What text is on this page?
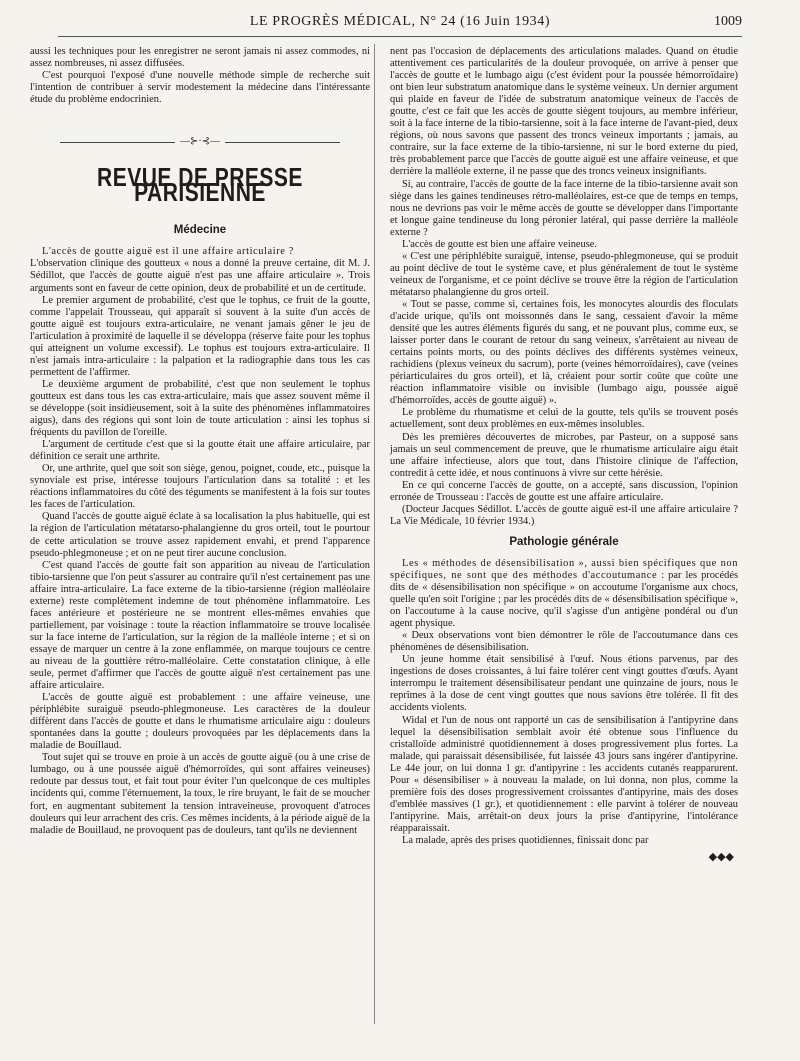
LE PROGRÈS MÉDICAL, N° 24 (16 Juin 1934)	1009

aussi les techniques pour les enregistrer ne seront jamais ni assez commodes, ni assez nombreuses, ni assez diffusées.

C'est pourquoi l'exposé d'une nouvelle méthode simple de recherche suit l'intention de contribuer à servir modestement la médecine dans l'intéressante étude du problème endocrinien.

—⊱·⊰—
REVUE DE PRESSE PARISIENNE
Médecine

L'accès de goutte aiguë est il une affaire articulaire ?

L'observation clinique des goutteux « nous a donné la preuve certaine, dit M. J. Sédillot, que l'accès de goutte aiguë n'est pas une affaire articulaire ». Trois arguments sont en faveur de cette opinion, deux de probabilité et un de certitude.

Le premier argument de probabilité, c'est que le tophus, ce fruit de la goutte, comme l'appelait Trousseau, qui apparaît si souvent à la suite d'un accès de goutte aiguë est toujours extra-articulaire, ne venant jamais gêner le jeu de l'articulation à proximité de laquelle il se développa (réserve faite pour les tophus qui atteignent un volume excessif). Le tophus est toujours extra-articulaire. Il n'est jamais intra-articulaire : la palpation et la radiographie dans tous les cas permettent de l'affirmer.

Le deuxième argument de probabilité, c'est que non seulement le tophus goutteux est dans tous les cas extra-articulaire, mais que assez souvent même il se développe (soit insidieusement, soit à la suite des phénomènes inflammatoires aigus), dans des régions qui sont loin de toute articulation : ainsi les tophus si fréquents du pavillon de l'oreille.

L'argument de certitude c'est que si la goutte était une affaire articulaire, par définition ce serait une arthrite.

Or, une arthrite, quel que soit son siège, genou, poignet, coude, etc., puisque la synoviale est prise, intéresse toujours l'articulation dans sa totalité : et les réactions inflammatoires du côté des téguments se manifestent à la fois sur toutes les faces de l'articulation.

Quand l'accès de goutte aiguë éclate à sa localisation la plus habituelle, qui est la région de l'articulation métatarso-phalangienne du gros orteil, tout le pourtour de cette articulation se trouve assez rapidement envahi, et prend l'apparence pseudo-phlegmoneuse ; et on ne peut tirer aucune conclusion.

C'est quand l'accès de goutte fait son apparition au niveau de l'articulation tibio-tarsienne que l'on peut s'assurer au contraire qu'il n'est certainement pas une affaire intra-articulaire. La face externe de la tibio-tarsienne (région malléolaire externe) reste complètement indemne de tout phénomène inflammatoire. Les faces antérieure et postérieure ne se montrent elles-mêmes envahies que partiellement, par voisinage : toute la réaction inflammatoire se trouve localisée sur la face interne de l'articulation, sur la région de la malléole interne ; et si on essaye de marquer un centre à la zone enflammée, on marque toujours ce centre au niveau de la gouttière rétro-malléolaire. Cette constatation clinique, à elle seule, permet d'affirmer que l'accès de goutte aiguë n'est certainement pas une affaire articulaire.

L'accès de goutte aiguë est probablement : une affaire veineuse, une périphlébite suraiguë pseudo-phlegmoneuse. Les caractères de la douleur diffèrent dans l'accès de goutte et dans le rhumatisme articulaire aigu : douleurs spontanées dans la goutte ; douleurs provoquées par les déplacements dans la maladie de Bouillaud.

Tout sujet qui se trouve en proie à un accès de goutte aiguë (ou à une crise de lumbago, ou à une poussée aiguë d'hémorroïdes, qui sont affaires veineuses) redoute par dessus tout, et fait tout pour éviter l'un quelconque de ces multiples incidents qui, comme l'éternuement, la toux, le rire bruyant, le fait de se moucher fort, en augmentant subitement la tension intraveineuse, provoquent d'atroces douleurs qui leur arrachent des cris. Ces mêmes incidents, à la période aiguë de la maladie de Bouillaud, ne provoquent pas de douleurs, tant qu'ils ne deviennent

nent pas l'occasion de déplacements des articulations malades. Quand on étudie attentivement ces particularités de la douleur provoquée, on arrive à penser que l'accès de goutte et le lumbago aigu (c'est évident pour la poussée hémorroïdaire) ont bien leur substratum anatomique dans le système veineux. Un dernier argument qui plaide en faveur de l'idée de substratum anatomique veineux de l'accès de goutte, c'est ce fait que les accès de goutte siègent toujours, au membre inférieur, soit à la face interne de la tibio-tarsienne, soit à la face interne de l'avant-pied, deux régions, où nous savons que passent des troncs veineux importants ; jamais, au contraire, sur la face externe de la tibio-tarsienne, ni sur le bord externe du pied, très probablement parce que l'accès de goutte aiguë est une affaire veineuse, et que derrière la malléole externe, il ne passe que des troncs veineux insignifiants.

Si, au contraire, l'accès de goutte de la face interne de la tibio-tarsienne avait son siège dans les gaines tendineuses rétro-malléolaires, est-ce que de temps en temps, nous ne devrions pas voir le même accès de goutte se développer dans l'importante et longue gaine tendineuse du long péronier latéral, qui passe derrière la malléole externe ?

L'accès de goutte est bien une affaire veineuse.

« C'est une périphlébite suraiguë, intense, pseudo-phlegmoneuse, qui se produit au point déclive de tout le système cave, et plus généralement de tout le système veineux de l'organisme, et ce point déclive se trouve être la région de l'articulation métatarso phalangienne du gros orteil.

« Tout se passe, comme si, certaines fois, les monocytes alourdis des floculats d'acide urique, qu'ils ont moissonnés dans le sang, cessaient d'avoir la même densité que les autres éléments figurés du sang, et ne pouvant plus, comme eux, se laisser porter dans le courant de retour du sang veineux, s'arrêtaient au niveau de certains points morts, ou des points déclives des différents systèmes veineux, rachidiens (plexus veineux du sacrum), porte (veines hémorroïdaires), cave (veines périarticulaires du gros orteil), et là, créaient pour sortir coûte que coûte une réaction inflammatoire visible ou invisible (lumbago aigu, poussée aiguë d'hémorroïdes, accès de goutte aiguë) ».

Le problème du rhumatisme et celui de la goutte, tels qu'ils se trouvent posés actuellement, sont deux problèmes en eux-mêmes insolubles.

Dès les premières découvertes de microbes, par Pasteur, on a supposé sans jamais un seul commencement de preuve, que le rhumatisme articulaire aigu était une affaire infectieuse, alors que tout, dans l'histoire clinique de l'affection, contredit à cette idée, et nous continuons à vivre sur cette hérésie.

En ce qui concerne l'accès de goutte, on a accepté, sans discussion, l'opinion erronée de Trousseau : l'accès de goutte est une affaire articulaire.

(Docteur Jacques Sédillot. L'accès de goutte aiguë est-il une affaire articulaire ? La Vie Médicale, 10 février 1934.)

Pathologie générale

Les « méthodes de désensibilisation », aussi bien spécifiques que non spécifiques, ne sont que des méthodes d'accoutumance : par les procédés dits de « désensibilisation non spécifique » on accoutume l'organisme aux chocs, quelle qu'en soit l'origine ; par les procédés dits de « désensibilisation spécifique », on l'accoutume à la cause nocive, qu'il s'agisse d'un antigène pondéral ou d'un agent physique.

« Deux observations vont bien démontrer le rôle de l'accoutumance dans ces phénomènes de désensibilisation.

Un jeune homme était sensibilisé à l'œuf. Nous étions parvenus, par des ingestions de doses croissantes, à lui faire tolérer cent vingt gouttes d'œufs. Ayant interrompu le traitement désensibilisateur pendant une quinzaine de jours, nous le reprîmes à la dose de cent vingt gouttes que nous savions être tolérée. Il fit des accidents violents.

Widal et l'un de nous ont rapporté un cas de sensibilisation à l'antipyrine dans lequel la désensibilisation semblait avoir été obtenue sous l'influence du cristalloïde administré quotidiennement à doses progressivement plus fortes. La malade, qui paraissait désensibilisée, fut laissée 43 jours sans ingérer d'antipyrine. Le 44e jour, on lui donna 1 gr. d'antipyrine : les accidents cutanés reapparurent. Pour « désensibiliser » à nouveau la malade, on lui donna, non plus, comme la première fois des doses progressivement croissantes d'antipyrine, mais des doses d'emblée massives (1 gr.), et quotidiennement : elle parvint à tolérer de nouveau l'antipyrine. Mais, arrêtait-on deux jours la prise d'antipyrine, l'intolérance réapparaissait.

La malade, après des prises quotidiennes, finissait donc par

◆◆◆
